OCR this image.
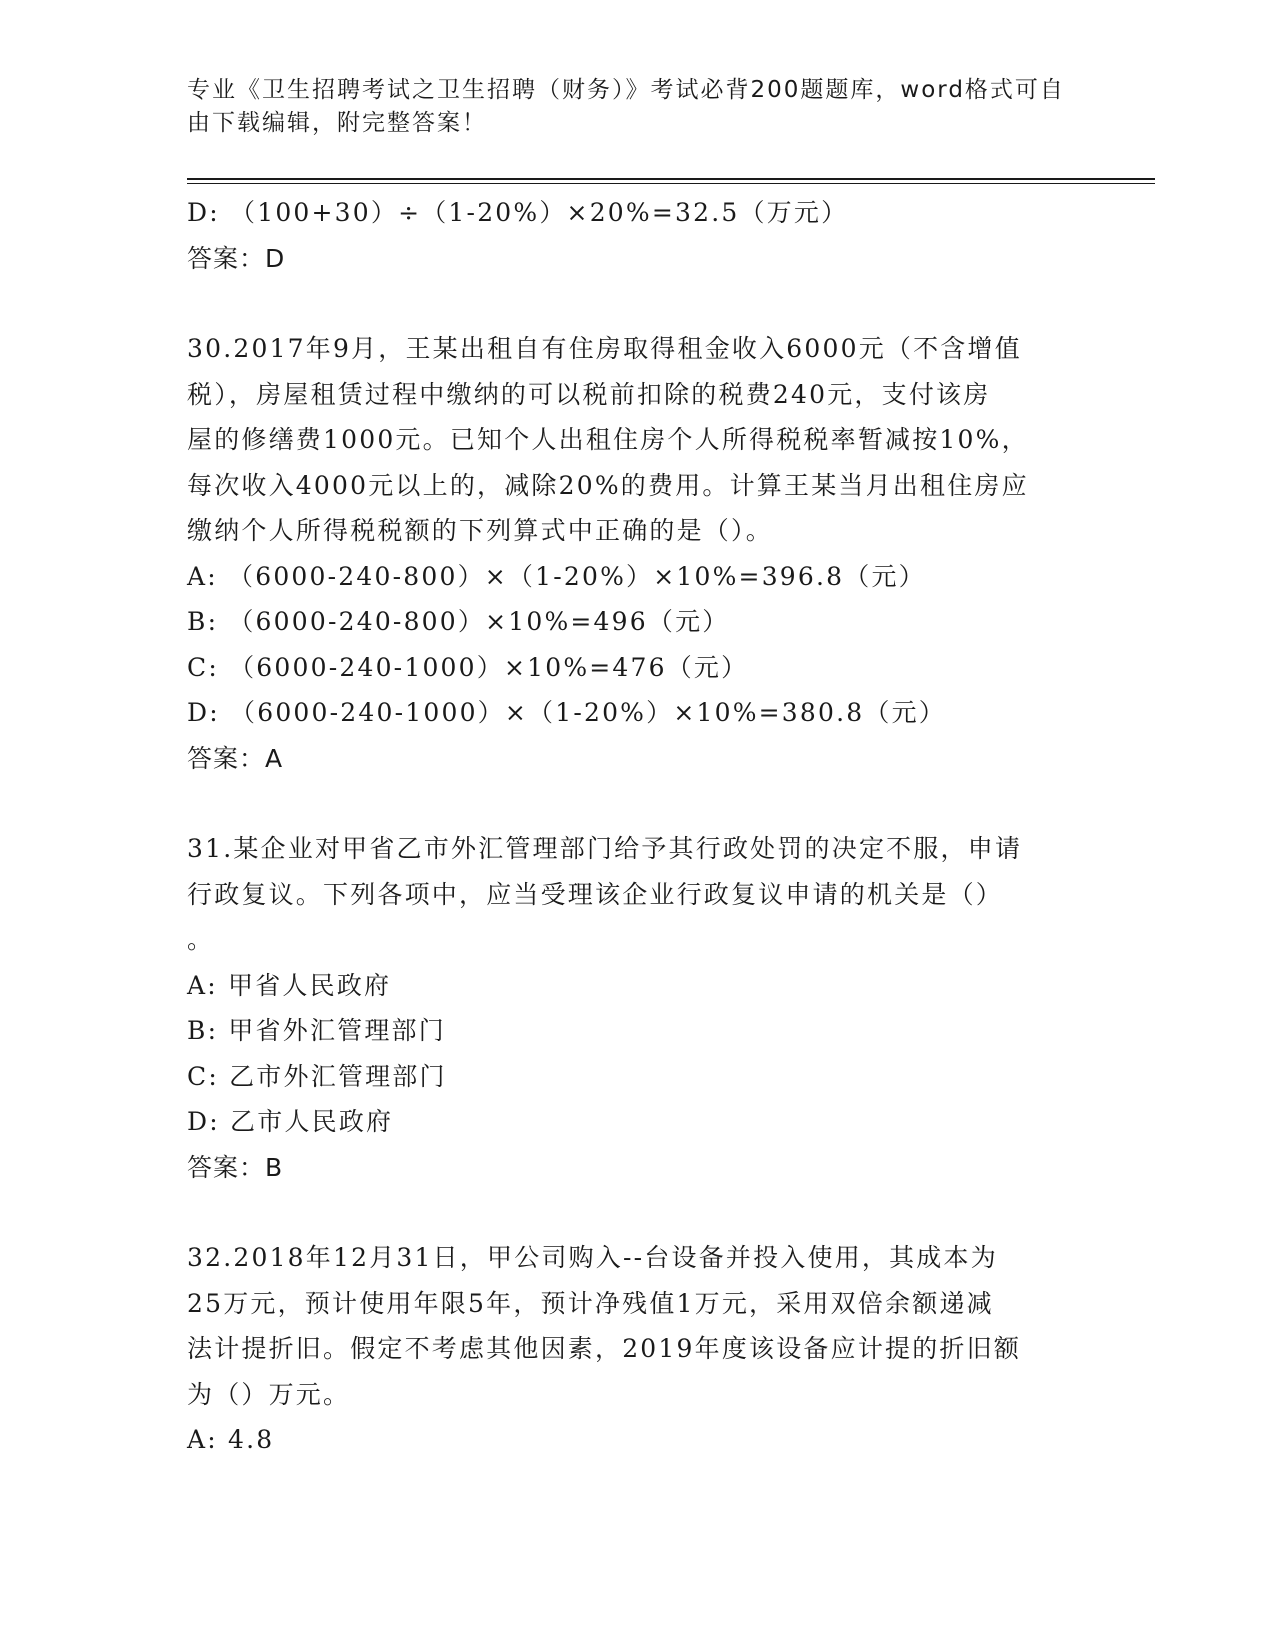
专业《卫生招聘考试之卫生招聘（财务）》考试必背200题题库，word格式可自
由下载编辑，附完整答案！
D: （100+30）÷（1-20%）×20%=32.5（万元）
答案：D
30.2017年9月，王某出租自有住房取得租金收入6000元（不含增值
税），房屋租赁过程中缴纳的可以税前扣除的税费240元，支付该房
屋的修缮费1000元。已知个人出租住房个人所得税税率暂减按10%，
每次收入4000元以上的，减除20%的费用。计算王某当月出租住房应
缴纳个人所得税税额的下列算式中正确的是（）。
A: （6000-240-800）×（1-20%）×10%=396.8（元）
B: （6000-240-800）×10%=496（元）
C: （6000-240-1000）×10%=476（元）
D: （6000-240-1000）×（1-20%）×10%=380.8（元）
答案：A
31.某企业对甲省乙市外汇管理部门给予其行政处罚的决定不服，申请
行政复议。下列各项中，应当受理该企业行政复议申请的机关是（）
。
A: 甲省人民政府
B: 甲省外汇管理部门
C: 乙市外汇管理部门
D: 乙市人民政府
答案：B
32.2018年12月31日，甲公司购入--台设备并投入使用，其成本为
25万元，预计使用年限5年，预计净残值1万元，采用双倍余额递减
法计提折旧。假定不考虑其他因素，2019年度该设备应计提的折旧额
为（）万元。
A: 4.8
